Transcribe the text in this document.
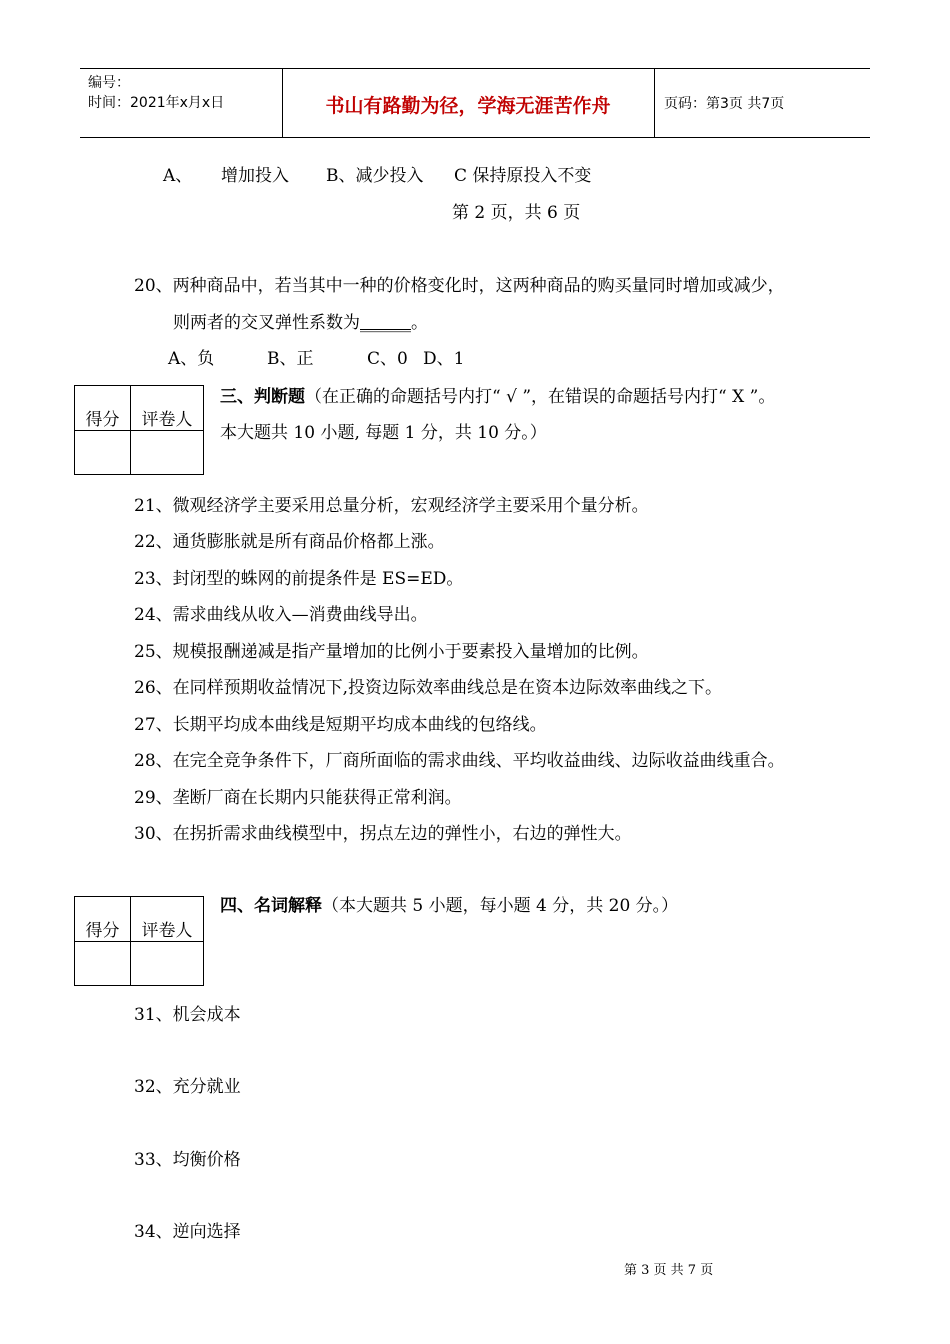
编号：
时间：2021年x月x日	书山有路勤为径，学海无涯苦作舟	页码：第3页 共7页
A、 增加投入 B、减少投入 C 保持原投入不变
第 2 页，共 6 页
20、两种商品中，若当其中一种的价格变化时，这两种商品的购买量同时增加或减少，
则两者的交叉弹性系数为______。
A、负	B、正	C、0 D、1
得分	评卷人
三、判断题（在正确的命题括号内打“ √ ”，在错误的命题括号内打“ X ”。
本大题共 10 小题, 每题 1 分，共 10 分。）
21、微观经济学主要采用总量分析，宏观经济学主要采用个量分析。
22、通货膨胀就是所有商品价格都上涨。
23、封闭型的蛛网的前提条件是 ES=ED。
24、需求曲线从收入—消费曲线导出。
25、规模报酬递减是指产量增加的比例小于要素投入量增加的比例。
26、在同样预期收益情况下,投资边际效率曲线总是在资本边际效率曲线之下。
27、长期平均成本曲线是短期平均成本曲线的包络线。
28、在完全竞争条件下，厂商所面临的需求曲线、平均收益曲线、边际收益曲线重合。
29、垄断厂商在长期内只能获得正常利润。
30、在拐折需求曲线模型中，拐点左边的弹性小，右边的弹性大。
得分	评卷人
四、名词解释（本大题共 5 小题，每小题 4 分，共 20 分。）
31、机会成本
32、充分就业
33、均衡价格
34、逆向选择
第 3 页 共 7 页
